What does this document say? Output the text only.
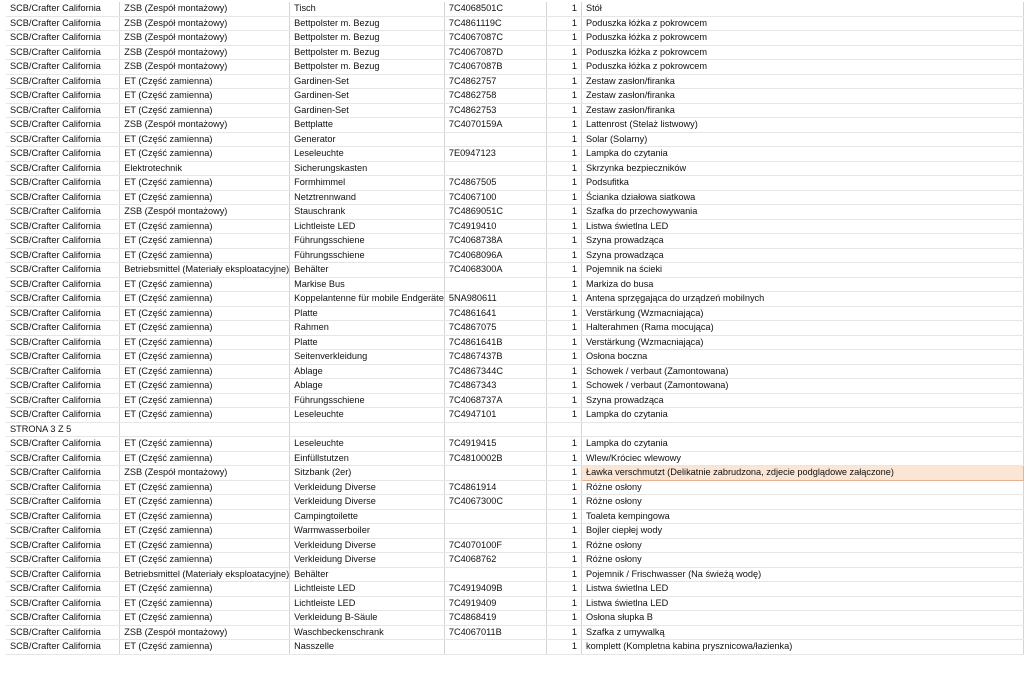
SCB/Crafter California	ZSB (Zespół montażowy)	Tisch	7C4068501C	1	Stół
SCB/Crafter California	ZSB (Zespół montażowy)	Bettpolster m. Bezug	7C4861119C	1	Poduszka łóżka z pokrowcem
SCB/Crafter California	ZSB (Zespół montażowy)	Bettpolster m. Bezug	7C4067087C	1	Poduszka łóżka z pokrowcem
SCB/Crafter California	ZSB (Zespół montażowy)	Bettpolster m. Bezug	7C4067087D	1	Poduszka łóżka z pokrowcem
SCB/Crafter California	ZSB (Zespół montażowy)	Bettpolster m. Bezug	7C4067087B	1	Poduszka łóżka z pokrowcem
SCB/Crafter California	ET (Część zamienna)	Gardinen-Set	7C4862757	1	Zestaw zasłon/firanka
SCB/Crafter California	ET (Część zamienna)	Gardinen-Set	7C4862758	1	Zestaw zasłon/firanka
SCB/Crafter California	ET (Część zamienna)	Gardinen-Set	7C4862753	1	Zestaw zasłon/firanka
SCB/Crafter California	ZSB (Zespół montażowy)	Bettplatte	7C4070159A	1	Lattenrost (Stelaż listwowy)
SCB/Crafter California	ET (Część zamienna)	Generator		1	Solar (Solarny)
SCB/Crafter California	ET (Część zamienna)	Leseleuchte	7E0947123	1	Lampka do czytania
SCB/Crafter California	Elektrotechnik	Sicherungskasten		1	Skrzynka bezpieczników
SCB/Crafter California	ET (Część zamienna)	Formhimmel	7C4867505	1	Podsufitka
SCB/Crafter California	ET (Część zamienna)	Netztrennwand	7C4067100	1	Ścianka działowa siatkowa
SCB/Crafter California	ZSB (Zespół montażowy)	Stauschrank	7C4869051C	1	Szafka do przechowywania
SCB/Crafter California	ET (Część zamienna)	Lichtleiste LED	7C4919410	1	Listwa świetlna LED
SCB/Crafter California	ET (Część zamienna)	Führungsschiene	7C4068738A	1	Szyna prowadząca
SCB/Crafter California	ET (Część zamienna)	Führungsschiene	7C4068096A	1	Szyna prowadząca
SCB/Crafter California	Betriebsmittel (Materiały eksploatacyjne)	Behälter	7C4068300A	1	Pojemnik na ścieki
SCB/Crafter California	ET (Część zamienna)	Markise Bus		1	Markiza do busa
SCB/Crafter California	ET (Część zamienna)	Koppelantenne für mobile Endgeräte	5NA980611	1	Antena sprzęgająca do urządzeń mobilnych
SCB/Crafter California	ET (Część zamienna)	Platte	7C4861641	1	Verstärkung (Wzmacniająca)
SCB/Crafter California	ET (Część zamienna)	Rahmen	7C4867075	1	Halterahmen (Rama mocująca)
SCB/Crafter California	ET (Część zamienna)	Platte	7C4861641B	1	Verstärkung (Wzmacniająca)
SCB/Crafter California	ET (Część zamienna)	Seitenverkleidung	7C4867437B	1	Osłona boczna
SCB/Crafter California	ET (Część zamienna)	Ablage	7C4867344C	1	Schowek / verbaut (Zamontowana)
SCB/Crafter California	ET (Część zamienna)	Ablage	7C4867343	1	Schowek / verbaut (Zamontowana)
SCB/Crafter California	ET (Część zamienna)	Führungsschiene	7C4068737A	1	Szyna prowadząca
SCB/Crafter California	ET (Część zamienna)	Leseleuchte	7C4947101	1	Lampka do czytania
STRONA 3 Z 5					
SCB/Crafter California	ET (Część zamienna)	Leseleuchte	7C4919415	1	Lampka do czytania
SCB/Crafter California	ET (Część zamienna)	Einfüllstutzen	7C4810002B	1	Wlew/Króciec wlewowy
SCB/Crafter California	ZSB (Zespół montażowy)	Sitzbank (2er)		1	Ławka verschmutzt (Delikatnie zabrudzona, zdjecie podglądowe załączone)
SCB/Crafter California	ET (Część zamienna)	Verkleidung Diverse	7C4861914	1	Różne osłony
SCB/Crafter California	ET (Część zamienna)	Verkleidung Diverse	7C4067300C	1	Różne osłony
SCB/Crafter California	ET (Część zamienna)	Campingtoilette		1	Toaleta kempingowa
SCB/Crafter California	ET (Część zamienna)	Warmwasserboiler		1	Bojler ciepłej wody
SCB/Crafter California	ET (Część zamienna)	Verkleidung Diverse	7C4070100F	1	Różne osłony
SCB/Crafter California	ET (Część zamienna)	Verkleidung Diverse	7C4068762	1	Różne osłony
SCB/Crafter California	Betriebsmittel (Materiały eksploatacyjne)	Behälter		1	Pojemnik / Frischwasser (Na świeżą wodę)
SCB/Crafter California	ET (Część zamienna)	Lichtleiste LED	7C4919409B	1	Listwa świetlna LED
SCB/Crafter California	ET (Część zamienna)	Lichtleiste LED	7C4919409	1	Listwa świetlna LED
SCB/Crafter California	ET (Część zamienna)	Verkleidung B-Säule	7C4868419	1	Osłona słupka B
SCB/Crafter California	ZSB (Zespół montażowy)	Waschbeckenschrank	7C4067011B	1	Szafka z umywalką
SCB/Crafter California	ET (Część zamienna)	Nasszelle		1	komplett (Kompletna kabina prysznicowa/łazienka)
